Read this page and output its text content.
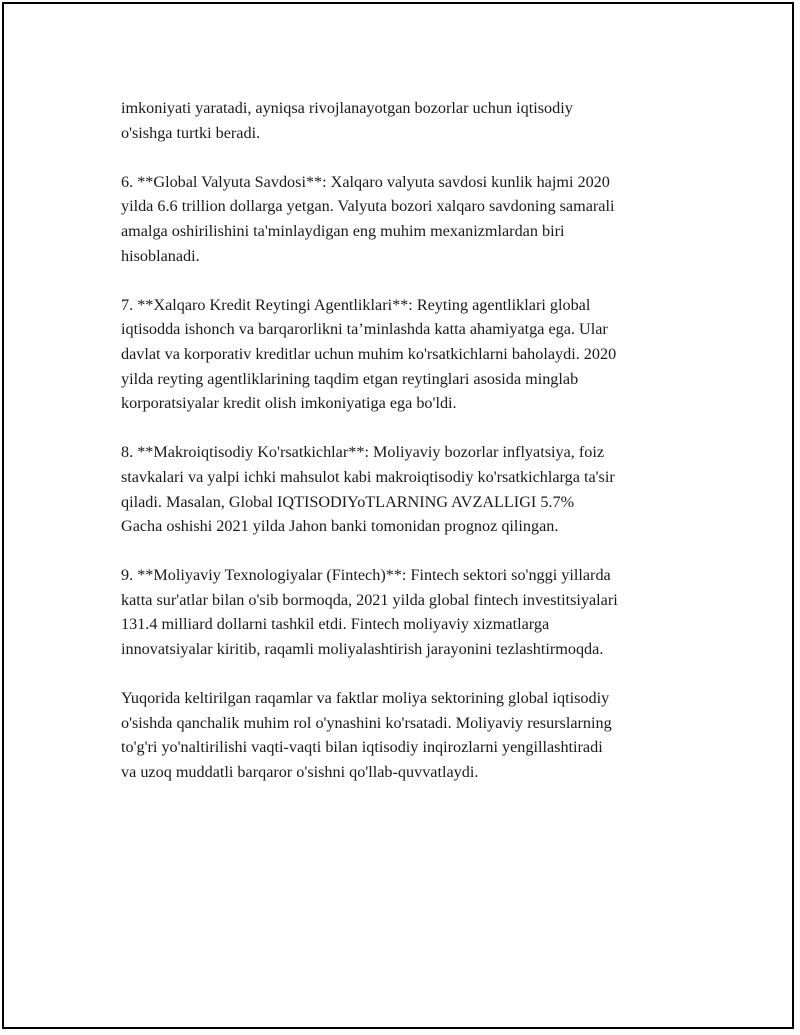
imkoniyati yaratadi, ayniqsa rivojlanayotgan bozorlar uchun iqtisodiy
o'sishga turtki beradi.

6. **Global Valyuta Savdosi**: Xalqaro valyuta savdosi kunlik hajmi 2020
yilda 6.6 trillion dollarga yetgan. Valyuta bozori xalqaro savdoning samarali
amalga oshirilishini ta'minlaydigan eng muhim mexanizmlardan biri
hisoblanadi.

7. **Xalqaro Kredit Reytingi Agentliklari**: Reyting agentliklari global
iqtisodda ishonch va barqarorlikni ta’minlashda katta ahamiyatga ega. Ular
davlat va korporativ kreditlar uchun muhim ko'rsatkichlarni baholaydi. 2020
yilda reyting agentliklarining taqdim etgan reytinglari asosida minglab
korporatsiyalar kredit olish imkoniyatiga ega bo'ldi.

8. **Makroiqtisodiy Ko'rsatkichlar**: Moliyaviy bozorlar inflyatsiya, foiz
stavkalari va yalpi ichki mahsulot kabi makroiqtisodiy ko'rsatkichlarga ta'sir
qiladi. Masalan, Global IQTISODIYoTLARNING AVZALLIGI 5.7%
Gacha oshishi 2021 yilda Jahon banki tomonidan prognoz qilingan.

9. **Moliyaviy Texnologiyalar (Fintech)**: Fintech sektori so'nggi yillarda
katta sur'atlar bilan o'sib bormoqda, 2021 yilda global fintech investitsiyalari
131.4 milliard dollarni tashkil etdi. Fintech moliyaviy xizmatlarga
innovatsiyalar kiritib, raqamli moliyalashtirish jarayonini tezlashtirmoqda.

Yuqorida keltirilgan raqamlar va faktlar moliya sektorining global iqtisodiy
o'sishda qanchalik muhim rol o'ynashini ko'rsatadi. Moliyaviy resurslarning
to'g'ri yo'naltirilishi vaqti-vaqti bilan iqtisodiy inqirozlarni yengillashtiradi
va uzoq muddatli barqaror o'sishni qo'llab-quvvatlaydi.
